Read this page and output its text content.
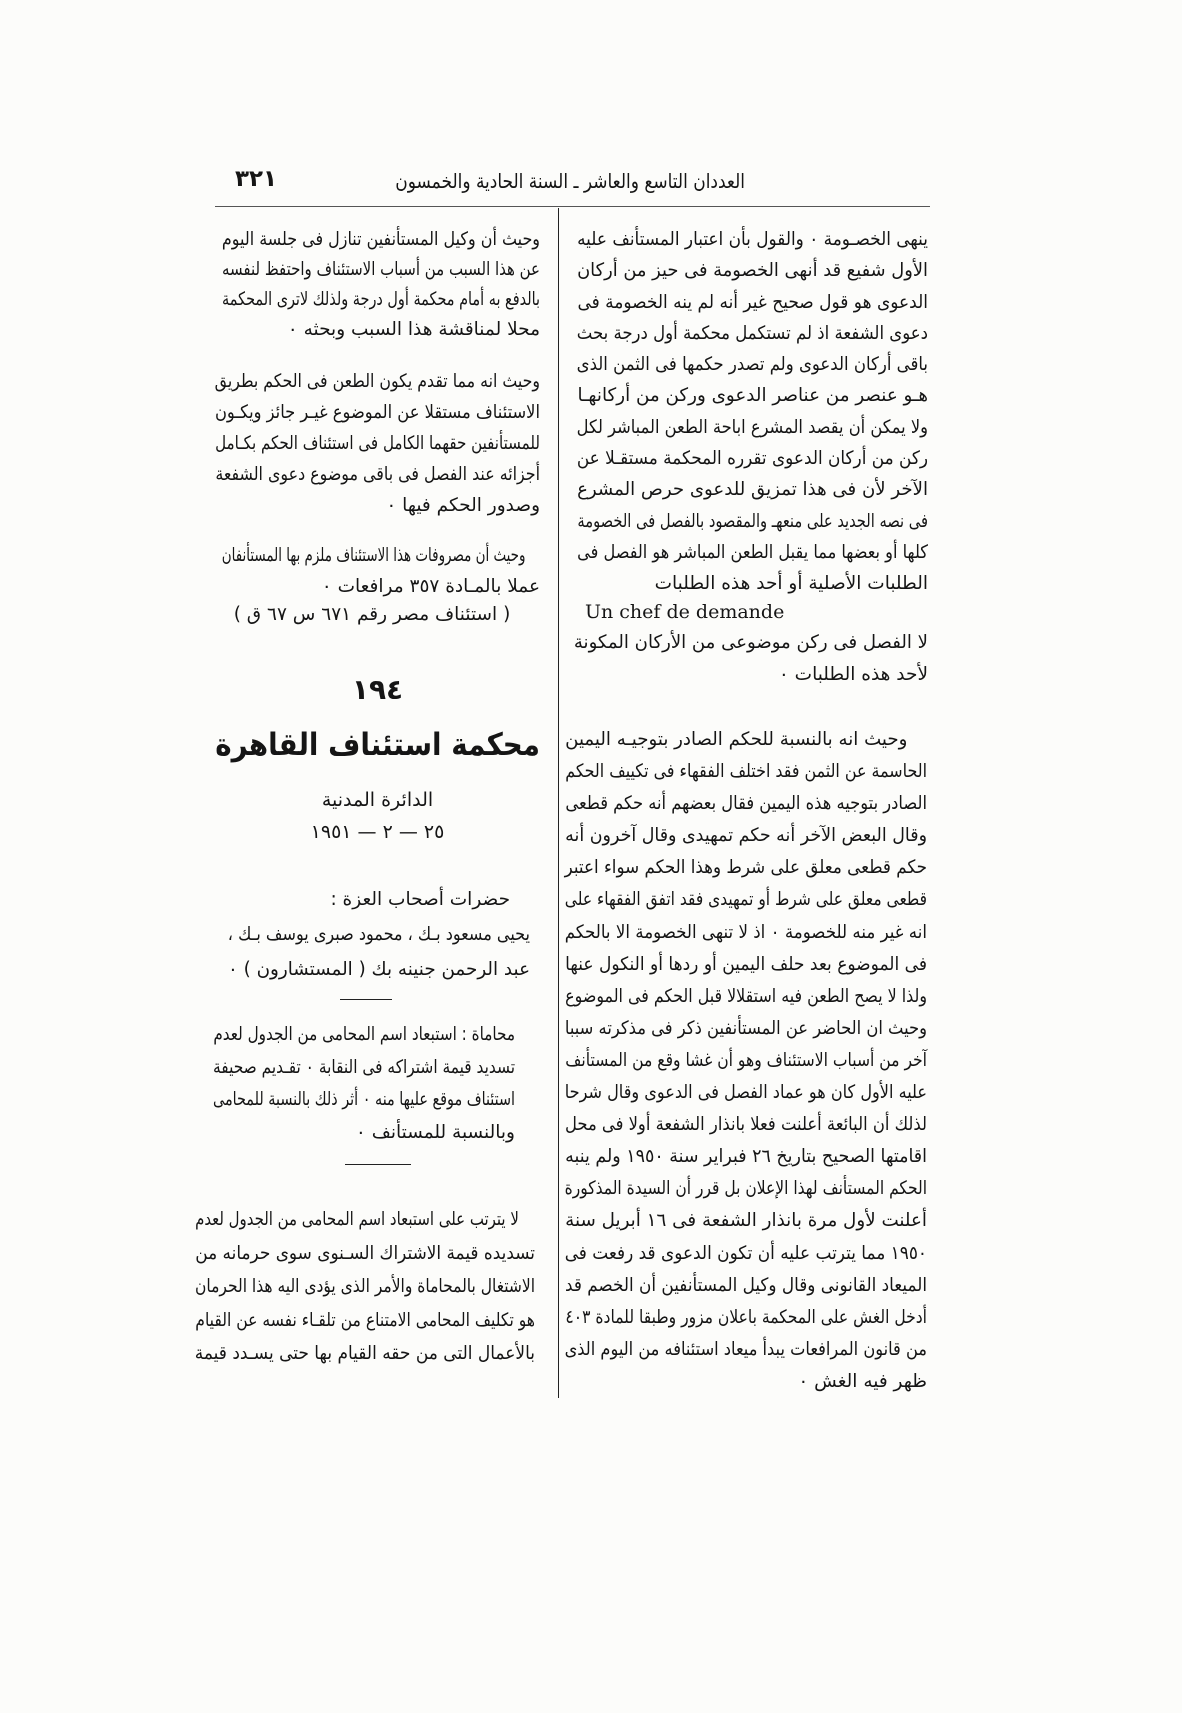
العددان التاسع والعاشر ـ السنة الحادية والخمسون
٣٢١
ينهى الخصـومة ٠ والقول بأن اعتبار المستأنف عليه
الأول شفيع قد أنهى الخصومة فى حيز من أركان
الدعوى هو قول صحيح غير أنه لم ينه الخصومة فى
دعوى الشفعة اذ لم تستكمل محكمة أول درجة بحث
باقى أركان الدعوى ولم تصدر حكمها فى الثمن الذى
هـو عنصر من عناصر الدعوى وركن من أركانهـا
ولا يمكن أن يقصد المشرع اباحة الطعن المباشر لكل
ركن من أركان الدعوى تقرره المحكمة مستقـلا عن
الآخر لأن فى هذا تمزيق للدعوى حرص المشرع
فى نصه الجديد على منعهـ والمقصود بالفصل فى الخصومة
كلها أو بعضها مما يقبل الطعن المباشر هو الفصل فى
الطلبات الأصلية أو أحد هذه الطلبات
Un chef de demande
لا الفصل فى ركن موضوعى من الأركان المكونة
لأحد هذه الطلبات ٠
وحيث انه بالنسبة للحكم الصادر بتوجيـه اليمين
الحاسمة عن الثمن فقد اختلف الفقهاء فى تكييف الحكم
الصادر بتوجيه هذه اليمين فقال بعضهم أنه حكم قطعى
وقال البعض الآخر أنه حكم تمهيدى وقال آخرون أنه
حكم قطعى معلق على شرط وهذا الحكم سواء اعتبر
قطعى معلق على شرط أو تمهيدى فقد اتفق الفقهاء على
انه غير منه للخصومة ٠ اذ لا تنهى الخصومة الا بالحكم
فى الموضوع بعد حلف اليمين أو ردها أو النكول عنها
ولذا لا يصح الطعن فيه استقلالا قبل الحكم فى الموضوع
وحيث ان الحاضر عن المستأنفين ذكر فى مذكرته سببا
آخر من أسباب الاستئناف وهو أن غشا وقع من المستأنف
عليه الأول كان هو عماد الفصل فى الدعوى وقال شرحا
لذلك أن البائعة أعلنت فعلا بانذار الشفعة أولا فى محل
اقامتها الصحيح بتاريخ ٢٦ فبراير سنة ١٩٥٠ ولم ينبه
الحكم المستأنف لهذا الإعلان بل قرر أن السيدة المذكورة
أعلنت لأول مرة بانذار الشفعة فى ١٦ أبريل سنة
١٩٥٠ مما يترتب عليه أن تكون الدعوى قد رفعت فى
الميعاد القانونى وقال وكيل المستأنفين أن الخصم قد
أدخل الغش على المحكمة باعلان مزور وطبقا للمادة ٤٠٣
من قانون المرافعات يبدأ ميعاد استئنافه من اليوم الذى
ظهر فيه الغش ٠
وحيث أن وكيل المستأنفين تنازل فى جلسة اليوم
عن هذا السبب من أسباب الاستئناف واحتفظ لنفسه
بالدفع به أمام محكمة أول درجة ولذلك لاترى المحكمة
محلا لمناقشة هذا السبب وبحثه ٠
وحيث انه مما تقدم يكون الطعن فى الحكم بطريق
الاستئناف مستقلا عن الموضوع غيـر جائز ويكـون
للمستأنفين حقهما الكامل فى استئناف الحكم بكـامل
أجزائه عند الفصل فى باقى موضوع دعوى الشفعة
وصدور الحكم فيها ٠
وحيث أن مصروفات هذا الاستئناف ملزم بها المستأنفان
عملا بالمـادة ٣٥٧ مرافعات ٠
( استئناف مصر رقم ٦٧١ س ٦٧ ق )
١٩٤
محكمة استئناف القاهرة
الدائرة المدنية
٢٥ — ٢ — ١٩٥١
حضرات أصحاب العزة :
يحيى مسعود بـك ، محمود صبرى يوسف بـك ،
عبد الرحمن جنينه بك ( المستشارون ) ٠
محاماة : استبعاد اسم المحامى من الجدول لعدم
تسديد قيمة اشتراكه فى النقابة ٠ تقـديم صحيفة
استئناف موقع عليها منه ٠ أثر ذلك بالنسبة للمحامى
وبالنسبة للمستأنف ٠
لا يترتب على استبعاد اسم المحامى من الجدول لعدم
تسديده قيمة الاشتراك السـنوى سوى حرمانه من
الاشتغال بالمحاماة والأمر الذى يؤدى اليه هذا الحرمان
هو تكليف المحامى الامتناع من تلقـاء نفسه عن القيام
بالأعمال التى من حقه القيام بها حتى يسـدد قيمة
